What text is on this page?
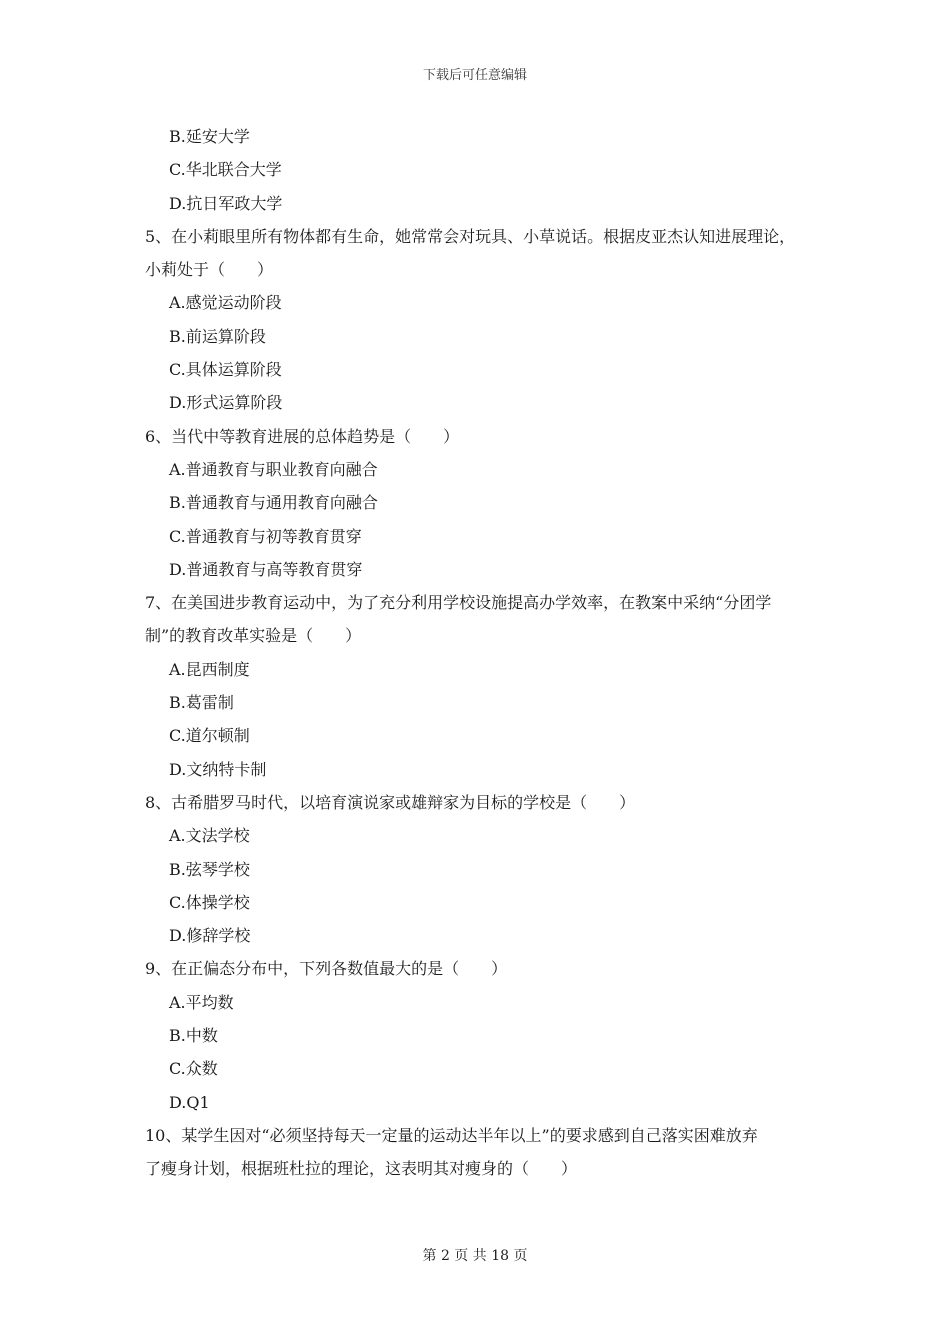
下载后可任意编辑
B.延安大学
C.华北联合大学
D.抗日军政大学
5、在小莉眼里所有物体都有生命，她常常会对玩具、小草说话。根据皮亚杰认知进展理论，
小莉处于（　　）
A.感觉运动阶段
B.前运算阶段
C.具体运算阶段
D.形式运算阶段
6、当代中等教育进展的总体趋势是（　　）
A.普通教育与职业教育向融合
B.普通教育与通用教育向融合
C.普通教育与初等教育贯穿
D.普通教育与高等教育贯穿
7、在美国进步教育运动中，为了充分利用学校设施提高办学效率，在教案中采纳“分团学
制”的教育改革实验是（　　）
A.昆西制度
B.葛雷制
C.道尔顿制
D.文纳特卡制
8、古希腊罗马时代，以培育演说家或雄辩家为目标的学校是（　　）
A.文法学校
B.弦琴学校
C.体操学校
D.修辞学校
9、在正偏态分布中，下列各数值最大的是（　　）
A.平均数
B.中数
C.众数
D.Q1
10、某学生因对“必须坚持每天一定量的运动达半年以上”的要求感到自己落实困难放弃
了瘦身计划，根据班杜拉的理论，这表明其对瘦身的（　　）
第 2 页 共 18 页
